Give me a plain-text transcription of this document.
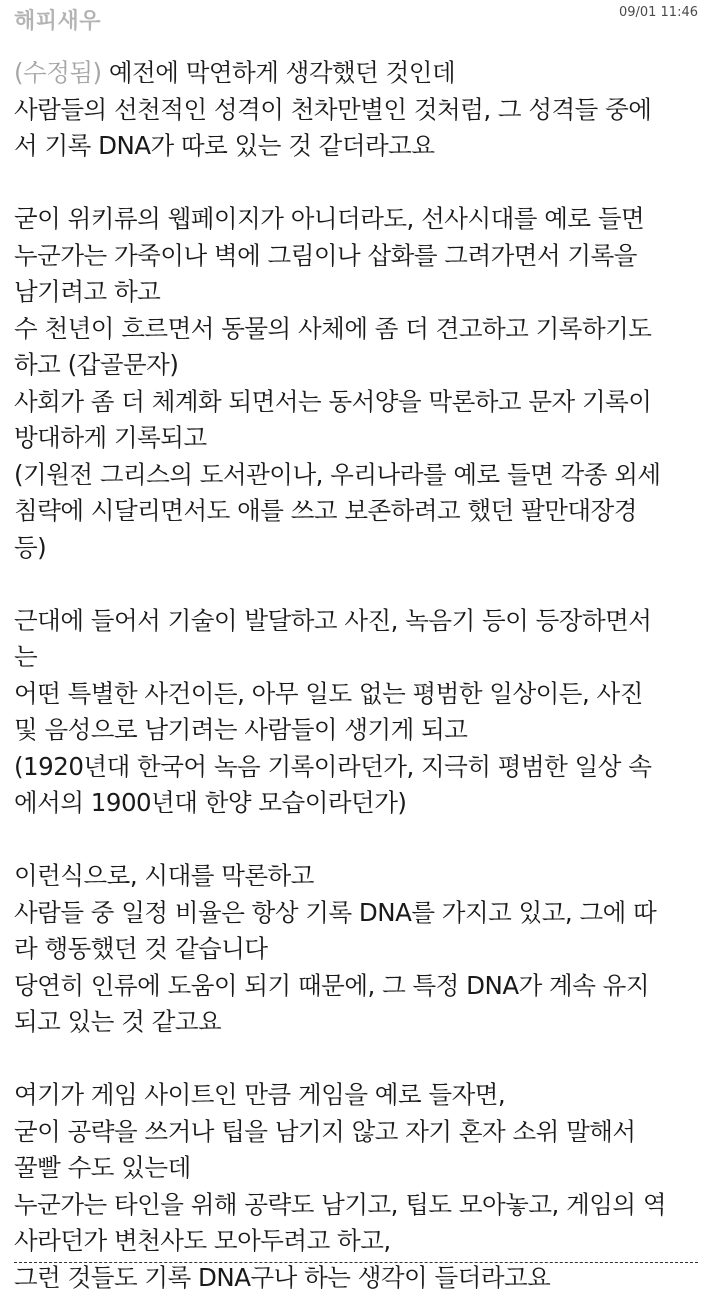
해피새우	09/01 11:46
(수정됨) 예전에 막연하게 생각했던 것인데
사람들의 선천적인 성격이 천차만별인 것처럼, 그 성격들 중에
서 기록 DNA가 따로 있는 것 같더라고요
굳이 위키류의 웹페이지가 아니더라도, 선사시대를 예로 들면
누군가는 가죽이나 벽에 그림이나 삽화를 그려가면서 기록을
남기려고 하고
수 천년이 흐르면서 동물의 사체에 좀 더 견고하고 기록하기도
하고 (갑골문자)
사회가 좀 더 체계화 되면서는 동서양을 막론하고 문자 기록이
방대하게 기록되고
(기원전 그리스의 도서관이나, 우리나라를 예로 들면 각종 외세
침략에 시달리면서도 애를 쓰고 보존하려고 했던 팔만대장경
등)
근대에 들어서 기술이 발달하고 사진, 녹음기 등이 등장하면서
는
어떤 특별한 사건이든, 아무 일도 없는 평범한 일상이든, 사진
및 음성으로 남기려는 사람들이 생기게 되고
(1920년대 한국어 녹음 기록이라던가, 지극히 평범한 일상 속
에서의 1900년대 한양 모습이라던가)
이런식으로, 시대를 막론하고
사람들 중 일정 비율은 항상 기록 DNA를 가지고 있고, 그에 따
라 행동했던 것 같습니다
당연히 인류에 도움이 되기 때문에, 그 특정 DNA가 계속 유지
되고 있는 것 같고요
여기가 게임 사이트인 만큼 게임을 예로 들자면,
굳이 공략을 쓰거나 팁을 남기지 않고 자기 혼자 소위 말해서
꿀빨 수도 있는데
누군가는 타인을 위해 공략도 남기고, 팁도 모아놓고, 게임의 역
사라던가 변천사도 모아두려고 하고,
그런 것들도 기록 DNA구나 하는 생각이 들더라고요
